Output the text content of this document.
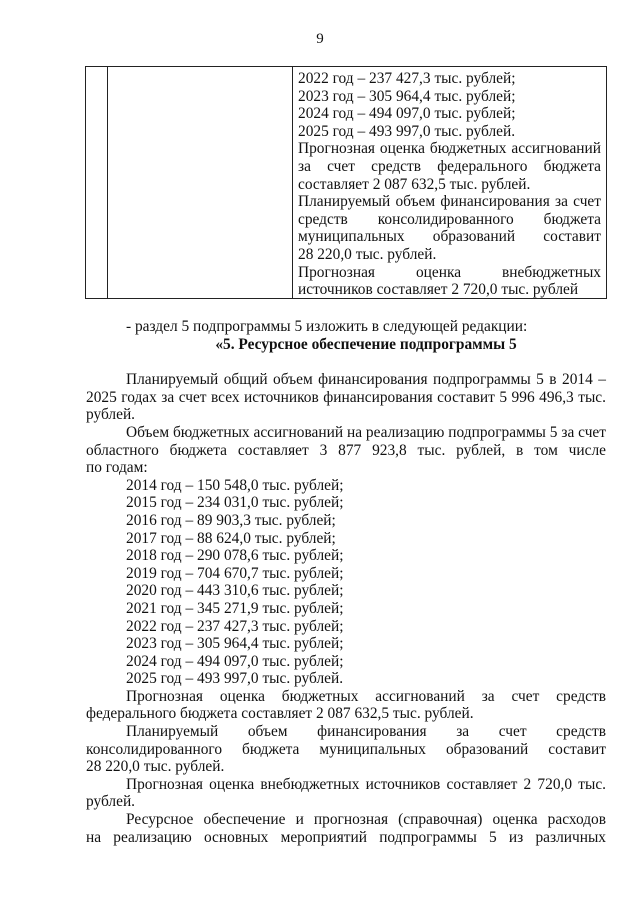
9

2022 год – 237 427,3 тыс. рублей;

2023 год – 305 964,4 тыс. рублей;

2024 год – 494 097,0 тыс. рублей;

2025 год – 493 997,0 тыс. рублей.

Прогнозная оценка бюджетных ассигнований

за счет средств федерального бюджета

составляет 2 087 632,5 тыс. рублей.

Планируемый объем финансирования за счет

средств консолидированного бюджета

муниципальных образований составит

28 220,0 тыс. рублей.

Прогнозная оценка внебюджетных

источников составляет 2 720,0 тыс. рублей

- раздел 5 подпрограммы 5 изложить в следующей редакции:

«5. Ресурсное обеспечение подпрограммы 5

Планируемый общий объем финансирования подпрограммы 5 в 2014 –

2025 годах за счет всех источников финансирования составит 5 996 496,3 тыс.

рублей.

Объем бюджетных ассигнований на реализацию подпрограммы 5 за счет

областного бюджета составляет 3 877 923,8 тыс. рублей, в том числе

по годам:

2014 год – 150 548,0 тыс. рублей;

2015 год – 234 031,0 тыс. рублей;

2016 год – 89 903,3 тыс. рублей;

2017 год – 88 624,0 тыс. рублей;

2018 год – 290 078,6 тыс. рублей;

2019 год – 704 670,7 тыс. рублей;

2020 год – 443 310,6 тыс. рублей;

2021 год – 345 271,9 тыс. рублей;

2022 год – 237 427,3 тыс. рублей;

2023 год – 305 964,4 тыс. рублей;

2024 год – 494 097,0 тыс. рублей;

2025 год – 493 997,0 тыс. рублей.

Прогнозная оценка бюджетных ассигнований за счет средств

федерального бюджета составляет 2 087 632,5 тыс. рублей.

Планируемый объем финансирования за счет средств

консолидированного бюджета муниципальных образований составит

28 220,0 тыс. рублей.

Прогнозная оценка внебюджетных источников составляет 2 720,0 тыс.

рублей.

Ресурсное обеспечение и прогнозная (справочная) оценка расходов

на реализацию основных мероприятий подпрограммы 5 из различных
